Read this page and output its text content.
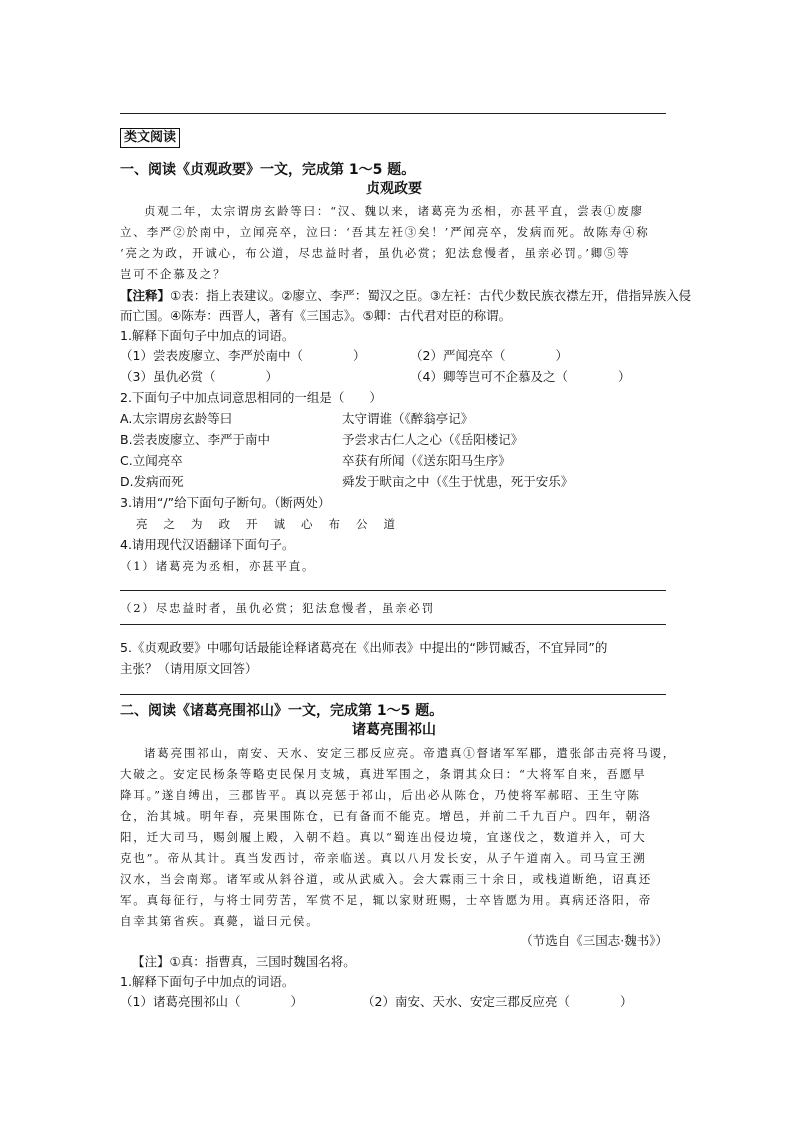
类文阅读
一、阅读《贞观政要》一文，完成第 1～5 题。
贞观政要
贞观二年，太宗谓房玄龄等曰：“汉、魏以来，诸葛亮为丞相，亦甚平直，尝表①废廖
立、李严②於南中，立闻亮卒，泣曰：‘吾其左衽③矣！’严闻亮卒，发病而死。故陈寿④称
‘亮之为政，开诚心，布公道，尽忠益时者，虽仇必赏；犯法怠慢者，虽亲必罚。’卿⑤等
岂可不企慕及之？
【注释】①表：指上表建议。②廖立、李严：蜀汉之臣。③左衽：古代少数民族衣襟左开，借指异族入侵
而亡国。④陈寿：西晋人，著有《三国志》。⑤卿：古代君对臣的称谓。
1.解释下面句子中加点的词语。
（1）尝表废廖立、李严於南中（　　　　）	（2）严闻亮卒（　　　　）
（3）虽仇必赏（　　　　）	（4）卿等岂可不企慕及之（　　　　）
2.下面句子中加点词意思相同的一组是（　　）
A.太宗谓房玄龄等曰	太守谓谁（《醉翁亭记》
B.尝表废廖立、李严于南中	予尝求古仁人之心（《岳阳楼记》
C.立闻亮卒	卒获有所闻（《送东阳马生序》
D.发病而死	舜发于畎亩之中（《生于忧患，死于安乐》
3.请用“/”给下面句子断句。（断两处）
亮之为政开诚心布公道
4.请用现代汉语翻译下面句子。
（1）诸葛亮为丞相，亦甚平直。
（2）尽忠益时者，虽仇必赏；犯法怠慢者，虽亲必罚
5.《贞观政要》中哪句话最能诠释诸葛亮在《出师表》中提出的“陟罚臧否，不宜异同”的
主张？（请用原文回答）
二、阅读《诸葛亮围祁山》一文，完成第 1～5 题。
诸葛亮围祁山
诸葛亮围祁山，南安、天水、安定三郡反应亮。帝遣真①督诸军军郿，遣张郃击亮将马谡，
大破之。安定民杨条等略吏民保月支城，真进军围之，条谓其众曰：“大将军自来，吾愿早
降耳。”遂自缚出，三郡皆平。真以亮惩于祁山，后出必从陈仓，乃使将军郝昭、王生守陈
仓，治其城。明年春，亮果围陈仓，已有备而不能克。增邑，并前二千九百户。四年，朝洛
阳，迁大司马，赐剑履上殿，入朝不趋。真以“蜀连出侵边境，宜遂伐之，数道并入，可大
克也”。帝从其计。真当发西讨，帝亲临送。真以八月发长安，从子午道南入。司马宣王溯
汉水，当会南郑。诸军或从斜谷道，或从武威入。会大霖雨三十余日，或栈道断绝，诏真还
军。真每征行，与将士同劳苦，军赏不足，辄以家财班赐，士卒皆愿为用。真病还洛阳，帝
自幸其第省疾。真薨，谥曰元侯。
（节选自《三国志·魏书》）
【注】①真：指曹真，三国时魏国名将。
1.解释下面句子中加点的词语。
（1）诸葛亮围祁山（　　　　）	（2）南安、天水、安定三郡反应亮（　　　　）
